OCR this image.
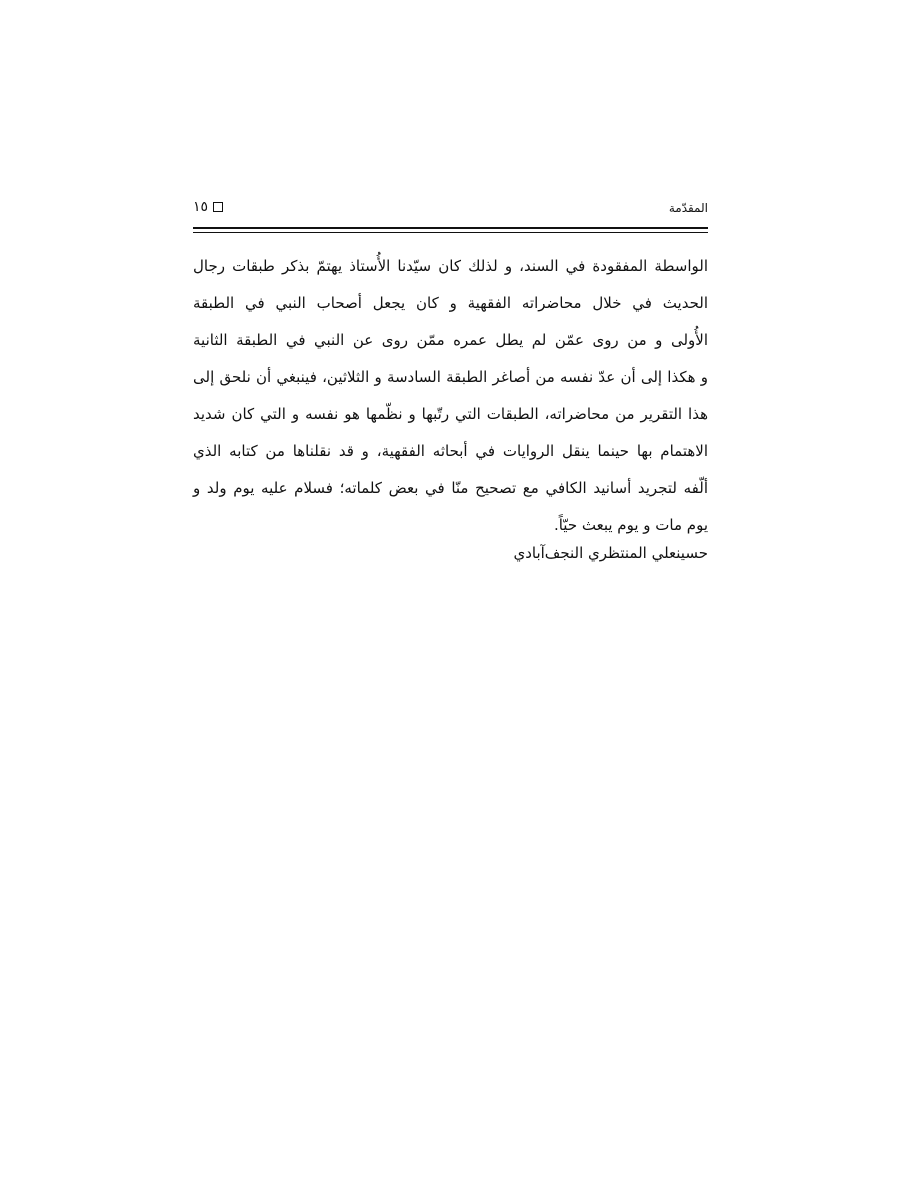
١٥	المقدّمة
الواسطة المفقودة في السند، و لذلك كان سيّدنا الأُستاذ يهتمّ بذكر طبقات رجال
الحديث في خلال محاضراته الفقهية و كان يجعل أصحاب النبي في الطبقة
الأُولى و من روى عمّن لم يطل عمره ممّن روى عن النبي في الطبقة الثانية
و هكذا إلى أن عدّ نفسه من أصاغر الطبقة السادسة و الثلاثين، فينبغي أن نلحق إلى
هذا التقرير من محاضراته، الطبقات التي رتّبها و نظّمها هو نفسه و التي كان شديد
الاهتمام بها حينما ينقل الروايات في أبحاثه الفقهية، و قد نقلناها من كتابه الذي
ألّفه لتجريد أسانيد الكافي مع تصحيح منّا في بعض كلماته؛ فسلام عليه يوم ولد و
يوم مات و يوم يبعث حيّاً.
حسينعلي المنتظري النجف‌آبادي
